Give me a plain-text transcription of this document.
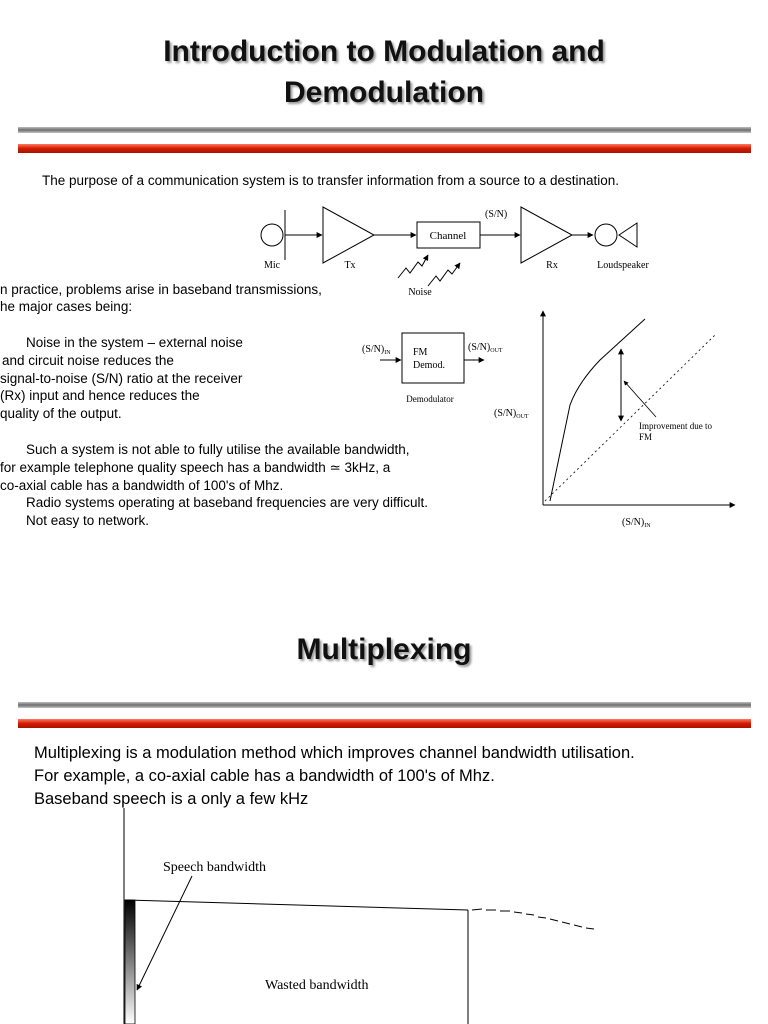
Introduction to Modulation and
Demodulation
The purpose of a communication system is to transfer information from a source to a destination.
Channel
(S/N)
Mic	Tx	Rx	Loudspeaker
Noise
n practice, problems arise in baseband transmissions,
he major cases being:
Noise in the system – external noise
and circuit noise reduces the
signal-to-noise (S/N) ratio at the receiver
(Rx) input and hence reduces the
quality of the output.
Such a system is not able to fully utilise the available bandwidth,
for example telephone quality speech has a bandwidth ≃ 3kHz, a
co-axial cable has a bandwidth of 100's of Mhz.
Radio systems operating at baseband frequencies are very difficult.
Not easy to network.
$(S/N)_{IN}$	$(S/N)_{OUT}$
FM
Demod.
Demodulator
$(S/N)_{OUT}$
$(S/N)_{IN}$
Improvement due to
FM
Multiplexing
Multiplexing is a modulation method which improves channel bandwidth utilisation.
For example, a co-axial cable has a bandwidth of 100's of Mhz.
Baseband speech is a only a few kHz
Speech bandwidth
Wasted bandwidth
